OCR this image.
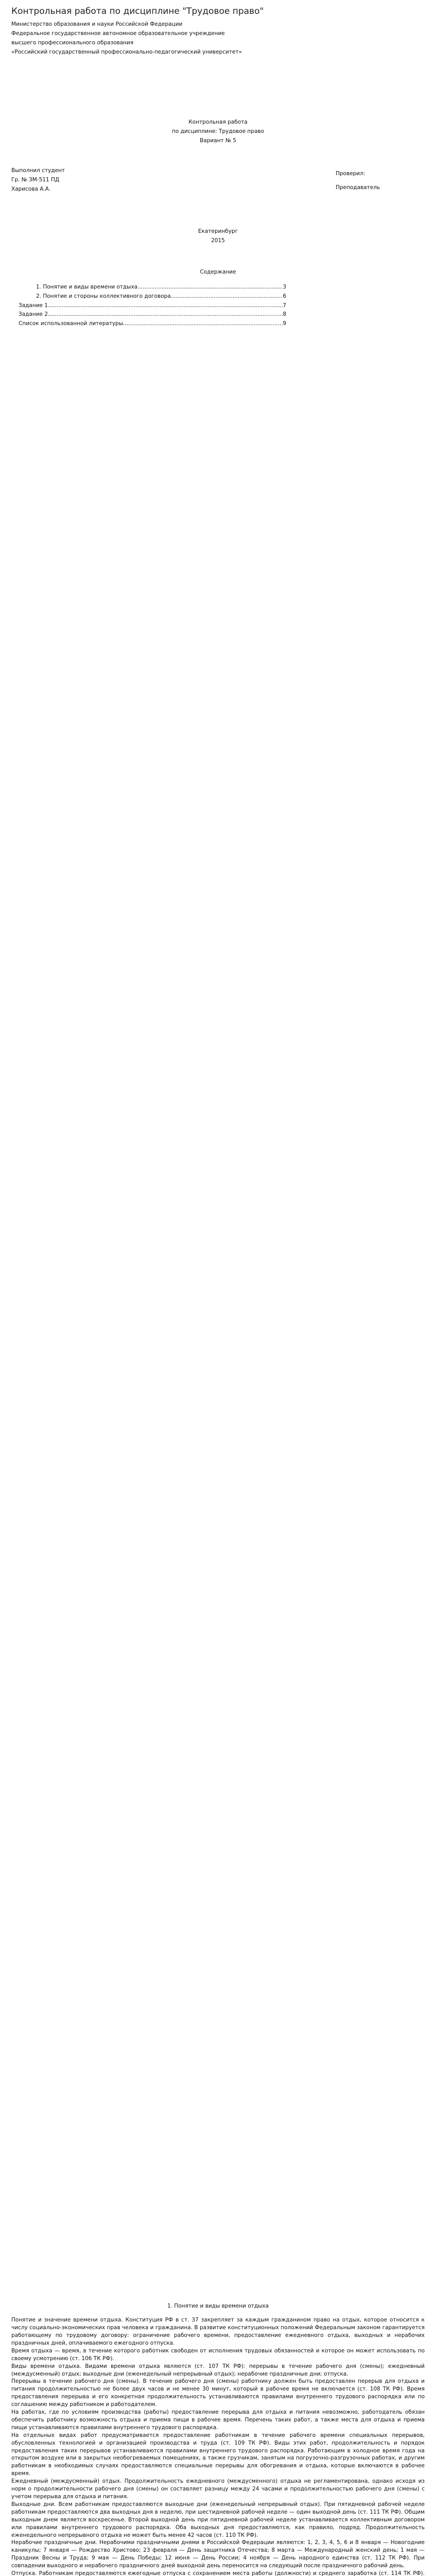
Контрольная работа по дисциплине "Трудовое право"

Министерство образования и науки Российской Федерации

Федеральное государственное автономное образовательное учреждение

высшего профессионального образования

«Российский государственный профессионально-педагогический университет»

Контрольная работа

по дисциплине: Трудовое право

Вариант № 5

Выполнил студент

Гр. № ЗМ-511 ПД

Харисова А.А.

Проверил:

Преподаватель

Екатеринбург

2015

Содержание
1. Понятие и виды времени отдыха .....	3
2. Понятие и стороны коллективного договора .....	6
Задание 1 .....	7
Задание 2 .....	8
Список использованной литературы .....	9
1. Понятие и виды времени отдыха

Понятие и значение времени отдыха. Конституция РФ в ст. 37 закрепляет за каждым гражданином право на отдых, которое относится к числу социально-экономических прав человека и гражданина. В развитие конституционных положений Федеральным законом гарантируется работающему по трудовому договору: ограничение рабочего времени, предоставление ежедневного отдыха, выходных и нерабочих праздничных дней, оплачиваемого ежегодного отпуска.

Время отдыха — время, в течение которого работник свободен от исполнения трудовых обязанностей и которое он может использовать по своему усмотрению (ст. 106 ТК РФ).

Виды времени отдыха. Видами времени отдыха являются (ст. 107 ТК РФ): перерывы в течение рабочего дня (смены); ежедневный (междусменный) отдых; выходные дни (еженедельный непрерывный отдых); нерабочие праздничные дни; отпуска.

Перерывы в течение рабочего дня (смены). В течение рабочего дня (смены) работнику должен быть предоставлен перерыв для отдыха и питания продолжительностью не более двух часов и не менее 30 минут, который в рабочее время не включается (ст. 108 ТК РФ). Время предоставления перерыва и его конкретная продолжительность устанавливаются правилами внутреннего трудового распорядка или по соглашению между работником и работодателем.

На работах, где по условиям производства (работы) предоставление перерыва для отдыха и питания невозможно, работодатель обязан обеспечить работнику возможность отдыха и приема пищи в рабочее время. Перечень таких работ, а также места для отдыха и приема пищи устанавливаются правилами внутреннего трудового распорядка.

На отдельных видах работ предусматривается предоставление работникам в течение рабочего времени специальных перерывов, обусловленных технологией и организацией производства и труда (ст. 109 ТК РФ). Виды этих работ, продолжительность и порядок предоставления таких перерывов устанавливаются правилами внутреннего трудового распорядка. Работающим в холодное время года на открытом воздухе или в закрытых необогреваемых помещениях, а также грузчикам, занятым на погрузочно-разгрузочных работах, и другим работникам в необходимых случаях предоставляются специальные перерывы для обогревания и отдыха, которые включаются в рабочее время.

Ежедневный (междусменный) отдых. Продолжительность ежедневного (междусменного) отдыха не регламентирована, однако исходя из норм о продолжительности рабочего дня (смены) он составляет разницу между 24 часами и продолжительностью рабочего дня (смены) с учетом перерыва для отдыха и питания.

Выходные дни. Всем работникам предоставляются выходные дни (еженедельный непрерывный отдых). При пятидневной рабочей неделе работникам предоставляются два выходных дня в неделю, при шестидневной рабочей неделе — один выходной день (ст. 111 ТК РФ). Общим выходным днем является воскресенье. Второй выходной день при пятидневной рабочей неделе устанавливается коллективным договором или правилами внутреннего трудового распорядка. Оба выходных дня предоставляются, как правило, подряд. Продолжительность еженедельного непрерывного отдыха не может быть менее 42 часов (ст. 110 ТК РФ).

Нерабочие праздничные дни. Нерабочими праздничными днями в Российской Федерации являются: 1, 2, 3, 4, 5, 6 и 8 января — Новогодние каникулы; 7 января — Рождество Христово; 23 февраля — День защитника Отечества; 8 марта — Международный женский день; 1 мая — Праздник Весны и Труда; 9 мая — День Победы; 12 июня — День России; 4 ноября — День народного единства (ст. 112 ТК РФ). При совпадении выходного и нерабочего праздничного дней выходной день переносится на следующий после праздничного рабочий день.

Отпуска. Работникам предоставляются ежегодные отпуска с сохранением места работы (должности) и среднего заработка (ст. 114 ТК РФ).
